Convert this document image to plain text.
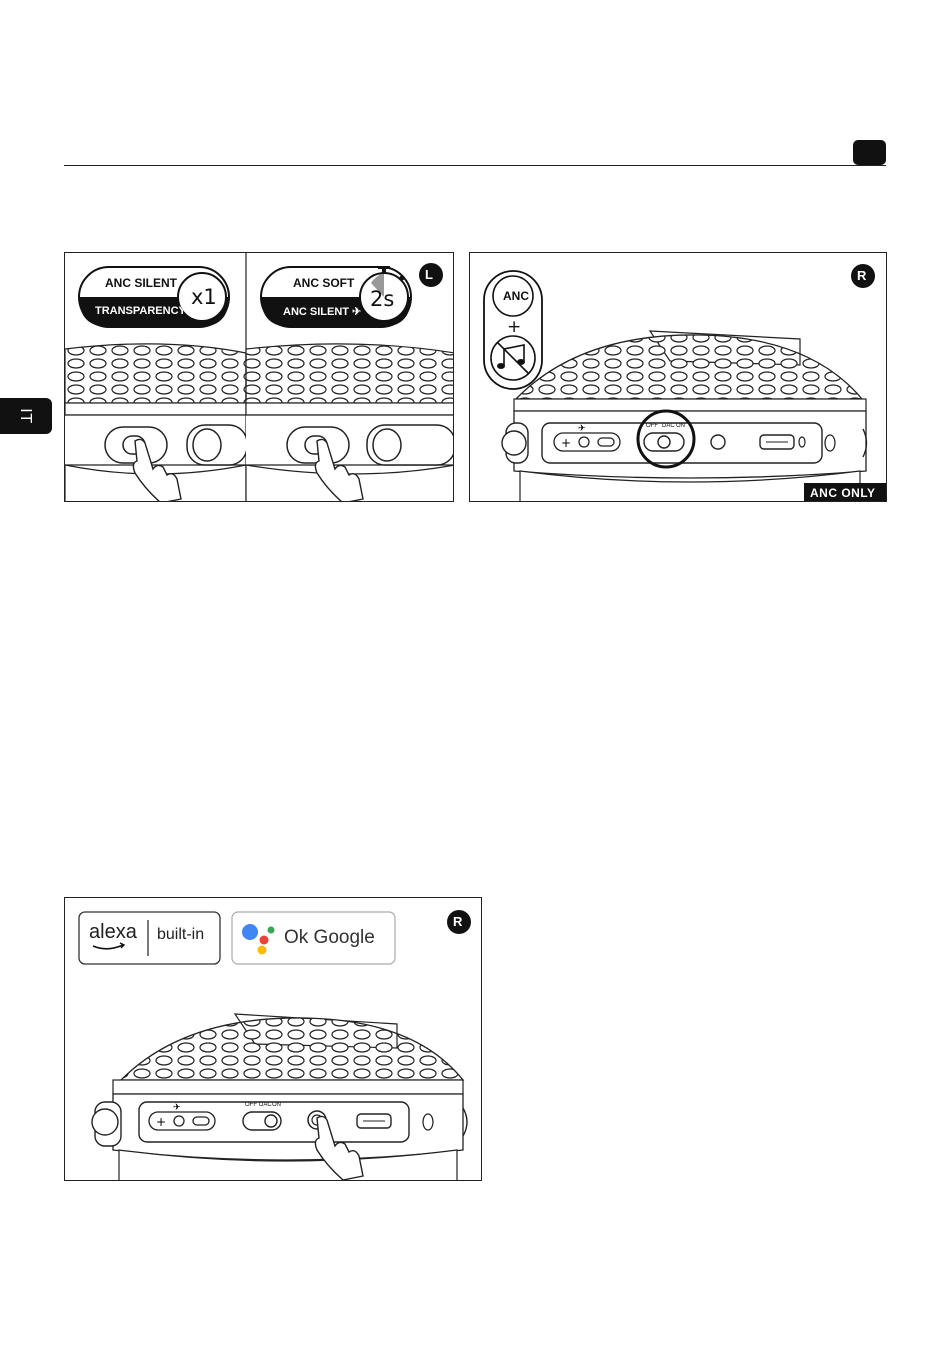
IT
ANC SILENT
TRANSPARENCY
x1
ANC SOFT
ANC SILENT ✈
2s
L
+
✈
ANC
+
OFF DAC ON
R
ANC ONLY
+
✈
alexa built-in	Ok Google
OFF DAC ON
R
